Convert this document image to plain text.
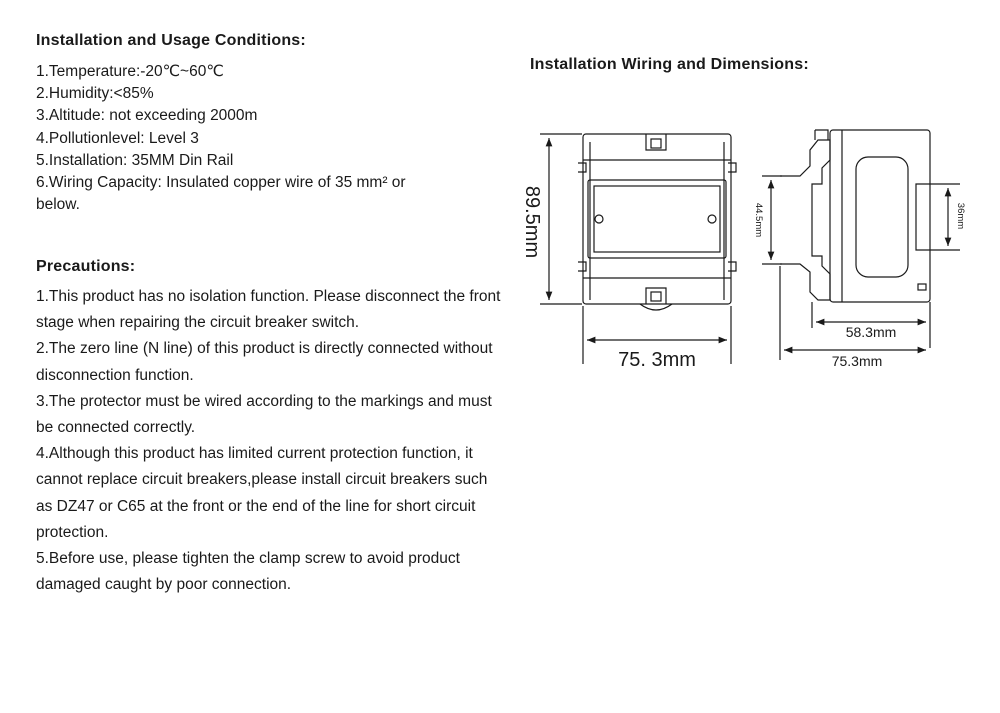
Installation and Usage Conditions:
1.Temperature:-20℃~60℃
2.Humidity:<85%
3.Altitude: not exceeding 2000m
4.Pollutionlevel: Level 3
5.Installation: 35MM Din Rail
6.Wiring Capacity: Insulated copper wire of 35 mm² or below.
Precautions:
1.This product has no isolation function. Please disconnect the front stage when repairing the circuit breaker switch.
2.The zero line (N line) of this product is directly connected without disconnection function.
3.The protector must be wired according to the markings and must be connected correctly.
4.Although this product has limited current protection function, it cannot replace circuit breakers,please install circuit breakers such as DZ47 or C65 at the front or the end of the line for short circuit protection.
5.Before use, please tighten the clamp screw to avoid product damaged caught by poor connection.
Installation Wiring and Dimensions:
89.5mm
75. 3mm
44.5mm	36mm
58.3mm
75.3mm
